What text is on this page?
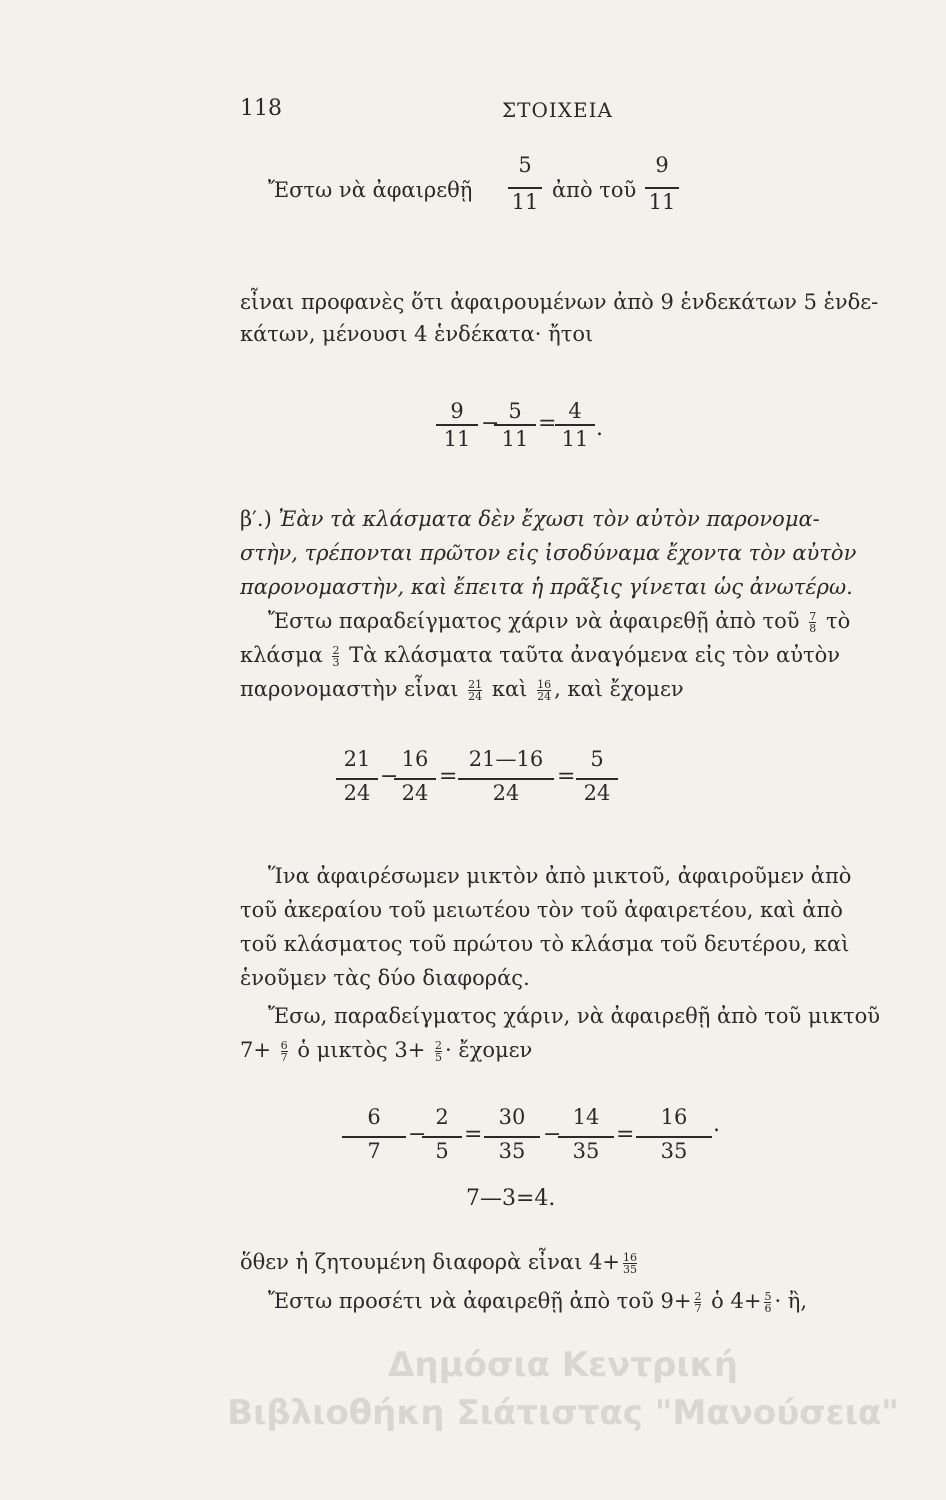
118	ΣΤΟΙΧΕΙΑ
Ἔστω νὰ ἀφαιρεθῇ $\frac{5}{11}$ ἀπὸ τοῦ $\frac{9}{11}$
εἶναι προφανὲς ὅτι ἀφαιρουμένων ἀπὸ 9 ἑνδεκάτων 5 ἑνδε-
κάτων, μένουσι 4 ἑνδέκατα· ἤτοι
$\frac{9}{11}$ −
$\frac{5}{11}$ =
$\frac{4}{11}$ .
β′.) Ἐὰν τὰ κλάσματα δὲν ἔχωσι τὸν αὐτὸν παρονομα-
στὴν, τρέπονται πρῶτον εἰς ἰσοδύναμα ἔχοντα τὸν αὐτὸν
παρονομαστὴν, καὶ ἔπειτα ἡ πρᾶξις γίνεται ὡς ἀνωτέρω.
Ἔστω παραδείγματος χάριν νὰ ἀφαιρεθῇ ἀπὸ τοῦ $\frac{7}{8}$ τὸ
κλάσμα $\frac{2}{3}$ Τὰ κλάσματα ταῦτα ἀναγόμενα εἰς τὸν αὐτὸν
παρονομαστὴν εἶναι $\frac{21}{24}$ καὶ $\frac{16}{24}$ , καὶ ἔχομεν
$\frac{21}{24}$ −
$\frac{16}{24} = \frac{21—16}{24} = \frac{5}{24}$
Ἵνα ἀφαιρέσωμεν μικτὸν ἀπὸ μικτοῦ, ἀφαιροῦμεν ἀπὸ
τοῦ ἀκεραίου τοῦ μειωτέου τὸν τοῦ ἀφαιρετέου, καὶ ἀπὸ
τοῦ κλάσματος τοῦ πρώτου τὸ κλάσμα τοῦ δευτέρου, καὶ
ἑνοῦμεν τὰς δύο διαφοράς.
Ἔσω, παραδείγματος χάριν, νὰ ἀφαιρεθῇ ἀπὸ τοῦ μικτοῦ
$7+ \frac{6}{7}$ ὁ μικτὸς $3+ \frac{2}{5}$ · ἔχομεν
$\frac{6}{7}$ −
$\frac{2}{5} = \frac{30}{35}$ −
$\frac{14}{35} = \frac{16}{35}$ .
7—3=4.
ὅθεν ἡ ζητουμένη διαφορὰ εἶναι $4+ \frac{16}{35}$
Ἔστω προσέτι νὰ ἀφαιρεθῇ ἀπὸ τοῦ $9+ \frac{2}{7}$ ὁ $4+ \frac{5}{6}$ · ἢ,
Δημόσια Κεντρική
Βιβλιοθήκη Σιάτιστας "Μανούσεια"
